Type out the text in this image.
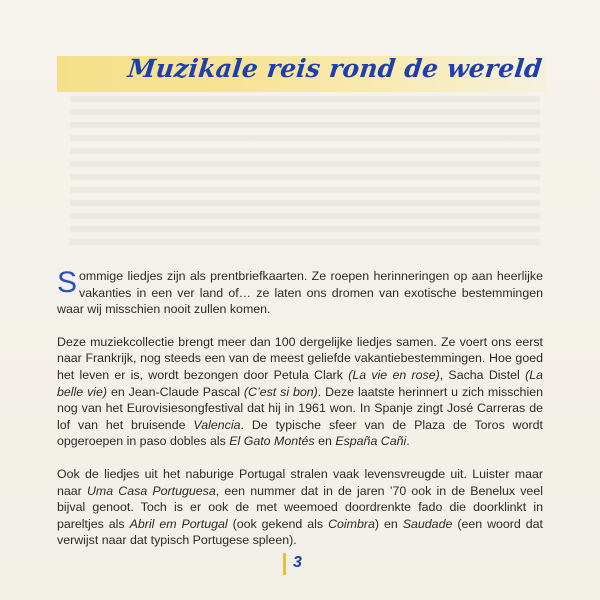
Muzikale reis rond de wereld

Sommige liedjes zijn als prentbriefkaarten. Ze roepen herinneringen op aan heerlijke vakanties in een ver land of… ze laten ons dromen van exotische bestemmingen waar wij misschien nooit zullen komen.

Deze muziekcollectie brengt meer dan 100 dergelijke liedjes samen. Ze voert ons eerst naar Frankrijk, nog steeds een van de meest geliefde vakantiebestemmingen. Hoe goed het leven er is, wordt bezongen door Petula Clark (La vie en rose), Sacha Distel (La belle vie) en Jean-Claude Pascal (C’est si bon). Deze laatste herinnert u zich misschien nog van het Eurovisiesongfestival dat hij in 1961 won. In Spanje zingt José Carreras de lof van het bruisende Valencia. De typische sfeer van de Plaza de Toros wordt opgeroepen in paso dobles als El Gato Montés en España Cañi.

Ook de liedjes uit het naburige Portugal stralen vaak levensvreugde uit. Luister maar naar Uma Casa Portuguesa, een nummer dat in de jaren ’70 ook in de Benelux veel bijval genoot. Toch is er ook de met weemoed doordrenkte fado die doorklinkt in pareltjes als Abril em Portugal (ook gekend als Coimbra) en Saudade (een woord dat verwijst naar dat typisch Portugese spleen).

3
